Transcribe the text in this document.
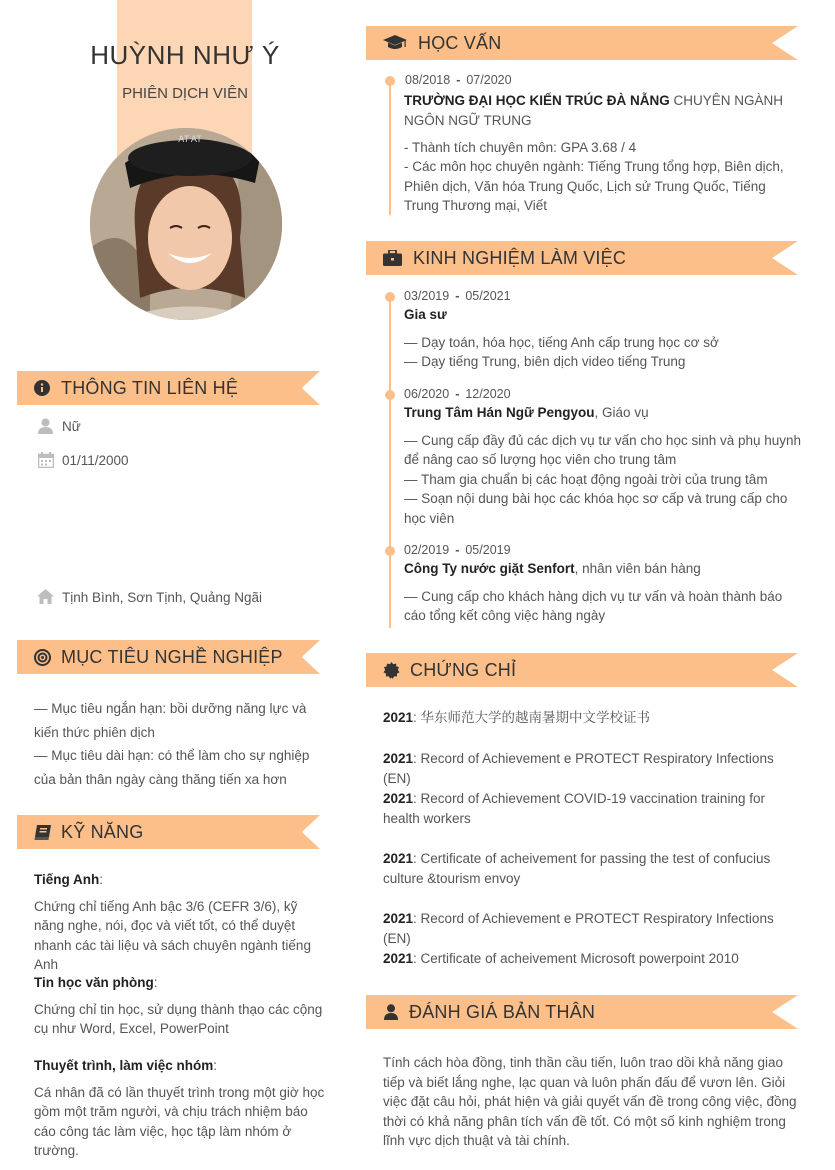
HUỲNH NHƯ Ý
PHIÊN DỊCH VIÊN
AT AT
THÔNG TIN LIÊN HỆ
Nữ
01/11/2000
Tịnh Bình, Sơn Tịnh, Quảng Ngãi
MỤC TIÊU NGHỀ NGHIỆP
— Mục tiêu ngắn hạn: bồi dưỡng năng lực và kiến thức phiên dịch
— Mục tiêu dài hạn: có thể làm cho sự nghiệp của bản thân ngày càng thăng tiến xa hơn
KỸ NĂNG
Tiếng Anh:
Chứng chỉ tiếng Anh bậc 3/6 (CEFR 3/6), kỹ năng nghe, nói, đọc và viết tốt, có thể duyệt nhanh các tài liệu và sách chuyên ngành tiếng Anh
Tin học văn phòng:
Chứng chỉ tin học, sử dụng thành thạo các cộng cụ như Word, Excel, PowerPoint
Thuyết trình, làm việc nhóm:
Cá nhân đã có lần thuyết trình trong một giờ học gồm một trăm người, và chịu trách nhiệm báo cáo công tác làm việc, học tập làm nhóm ở trường.
HỌC VẤN
08/2018 - 07/2020
TRƯỜNG ĐẠI HỌC KIẾN TRÚC ĐÀ NẴNG CHUYÊN NGÀNH NGÔN NGỮ TRUNG
- Thành tích chuyên môn: GPA 3.68 / 4
- Các môn học chuyên ngành: Tiếng Trung tổng hợp, Biên dịch, Phiên dịch, Văn hóa Trung Quốc, Lịch sử Trung Quốc, Tiếng Trung Thương mại, Viết
KINH NGHIỆM LÀM VIỆC
03/2019 - 05/2021
Gia sư
— Dạy toán, hóa học, tiếng Anh cấp trung học cơ sở
— Dạy tiếng Trung, biên dịch video tiếng Trung
06/2020 - 12/2020
Trung Tâm Hán Ngữ Pengyou, Giáo vụ
— Cung cấp đầy đủ các dịch vụ tư vấn cho học sinh và phụ huynh để nâng cao số lượng học viên cho trung tâm
— Tham gia chuẩn bị các hoạt động ngoài trời của trung tâm
— Soạn nội dung bài học các khóa học sơ cấp và trung cấp cho học viên
02/2019 - 05/2019
Công Ty nước giặt Senfort, nhân viên bán hàng
— Cung cấp cho khách hàng dịch vụ tư vấn và hoàn thành báo cáo tổng kết công việc hàng ngày
CHỨNG CHỈ
2021: 华东师范大学的越南暑期中文学校证书
2021: Record of Achievement e PROTECT Respiratory Infections (EN)
2021: Record of Achievement COVID-19 vaccination training for health workers
2021: Certificate of acheivement for passing the test of confucius culture &tourism envoy
2021: Record of Achievement e PROTECT Respiratory Infections (EN)
2021: Certificate of acheivement Microsoft powerpoint 2010
ĐÁNH GIÁ BẢN THÂN
Tính cách hòa đồng, tinh thần cầu tiến, luôn trao dồi khả năng giao tiếp và biết lắng nghe, lạc quan và luôn phấn đấu để vươn lên. Giỏi việc đặt câu hỏi, phát hiện và giải quyết vấn đề trong công việc, đồng thời có khả năng phân tích vấn đề tốt. Có một số kinh nghiệm trong lĩnh vực dịch thuật và tài chính.
